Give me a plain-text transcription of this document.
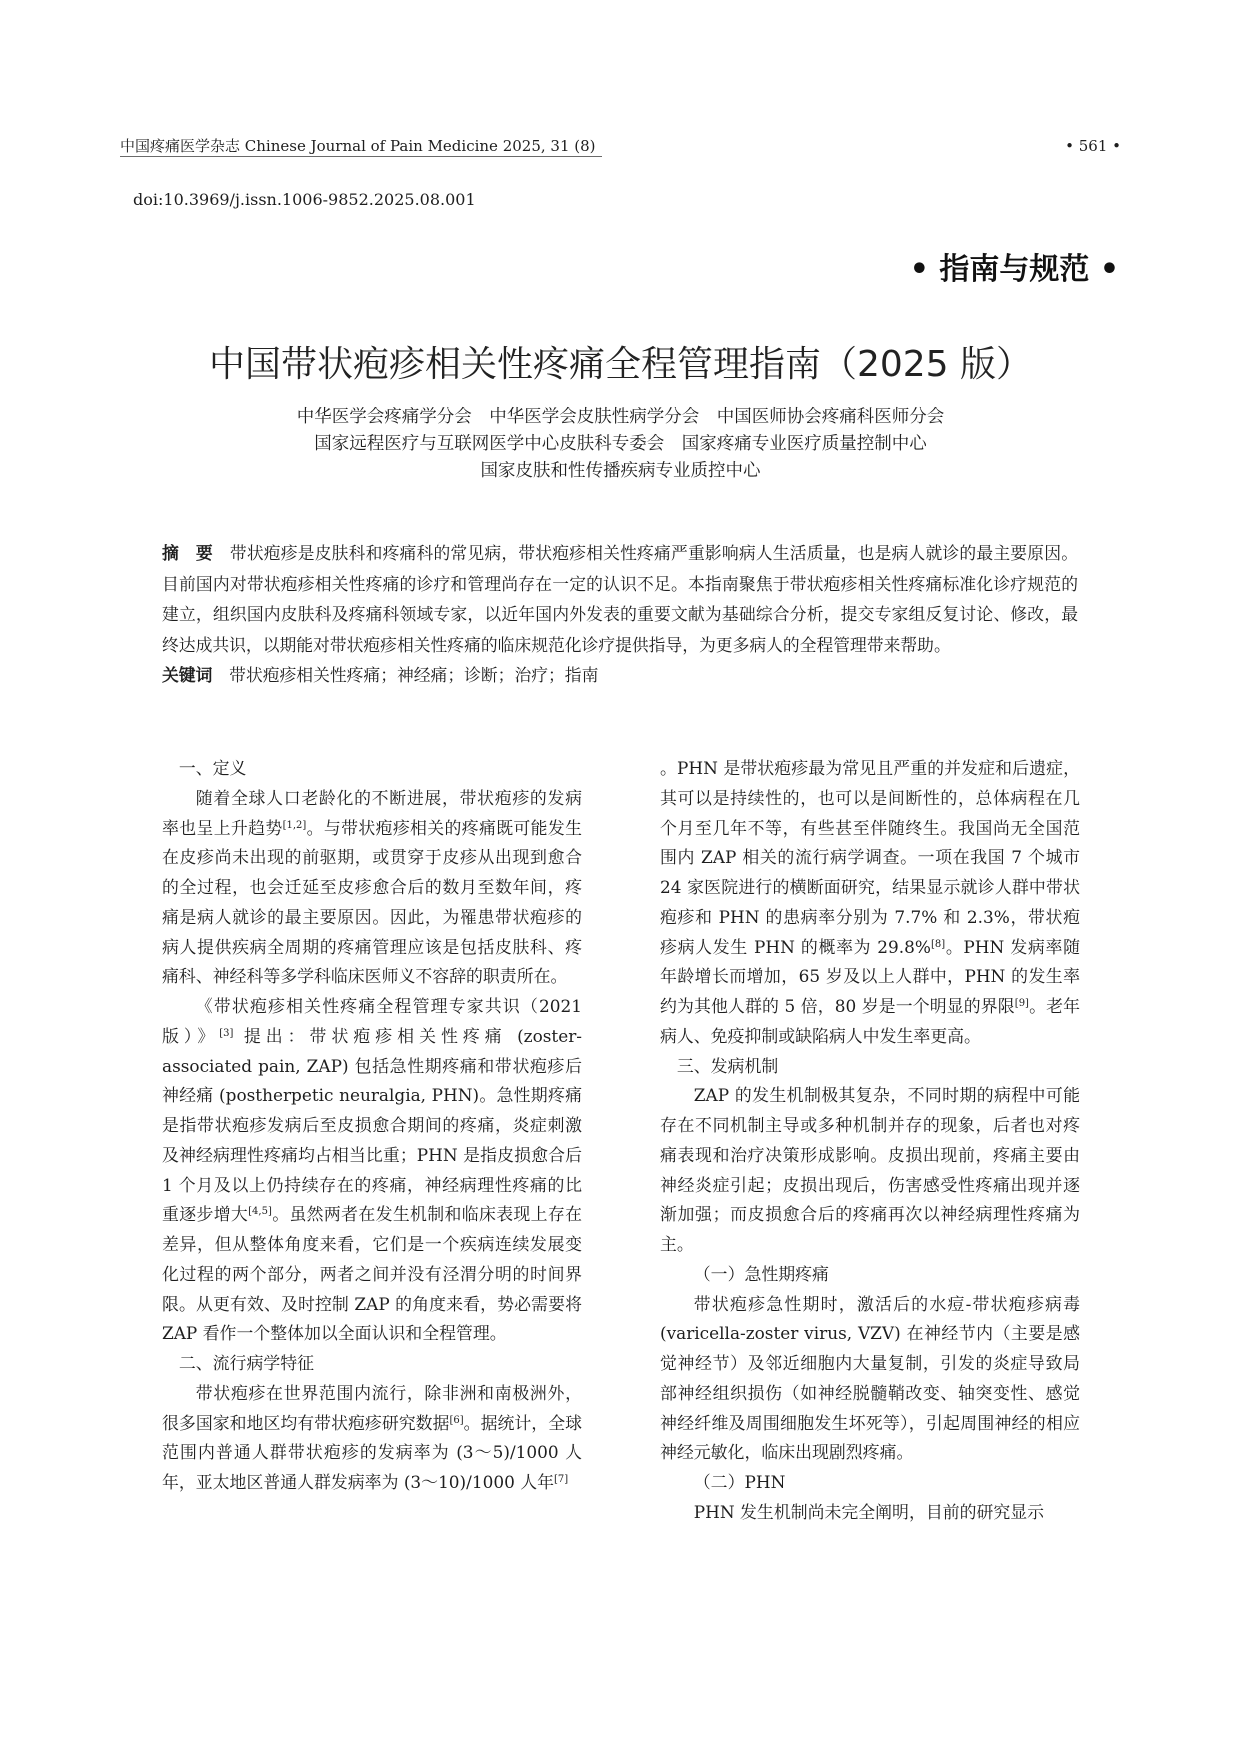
中国疼痛医学杂志 Chinese Journal of Pain Medicine 2025, 31 (8)	• 561 •
doi:10.3969/j.issn.1006-9852.2025.08.001
• 指南与规范 •
中国带状疱疹相关性疼痛全程管理指南（2025 版）
中华医学会疼痛学分会　中华医学会皮肤性病学分会　中国医师协会疼痛科医师分会
国家远程医疗与互联网医学中心皮肤科专委会　国家疼痛专业医疗质量控制中心
国家皮肤和性传播疾病专业质控中心

摘　要　 带状疱疹是皮肤科和疼痛科的常见病，带状疱疹相关性疼痛严重影响病人生活质量，也是病人就诊的最主要原因。目前国内对带状疱疹相关性疼痛的诊疗和管理尚存在一定的认识不足。本指南聚焦于带状疱疹相关性疼痛标准化诊疗规范的建立，组织国内皮肤科及疼痛科领域专家，以近年国内外发表的重要文献为基础综合分析，提交专家组反复讨论、修改，最终达成共识，以期能对带状疱疹相关性疼痛的临床规范化诊疗提供指导，为更多病人的全程管理带来帮助。

关键词　 带状疱疹相关性疼痛；神经痛；诊断；治疗；指南

一、定义

随着全球人口老龄化的不断进展，带状疱疹的发病率也呈上升趋势[1,2]。与带状疱疹相关的疼痛既可能发生在皮疹尚未出现的前驱期，或贯穿于皮疹从出现到愈合的全过程，也会迁延至皮疹愈合后的数月至数年间，疼痛是病人就诊的最主要原因。因此，为罹患带状疱疹的病人提供疾病全周期的疼痛管理应该是包括皮肤科、疼痛科、神经科等多学科临床医师义不容辞的职责所在。

《带状疱疹相关性疼痛全程管理专家共识（2021 版）》[3] 提出：带状疱疹相关性疼痛 (zoster-associated pain, ZAP) 包括急性期疼痛和带状疱疹后神经痛 (postherpetic neuralgia, PHN)。急性期疼痛是指带状疱疹发病后至皮损愈合期间的疼痛，炎症刺激及神经病理性疼痛均占相当比重；PHN 是指皮损愈合后 1 个月及以上仍持续存在的疼痛，神经病理性疼痛的比重逐步增大[4,5]。虽然两者在发生机制和临床表现上存在差异，但从整体角度来看，它们是一个疾病连续发展变化过程的两个部分，两者之间并没有泾渭分明的时间界限。从更有效、及时控制 ZAP 的角度来看，势必需要将 ZAP 看作一个整体加以全面认识和全程管理。

二、流行病学特征

带状疱疹在世界范围内流行，除非洲和南极洲外，很多国家和地区均有带状疱疹研究数据[6]。据统计，全球范围内普通人群带状疱疹的发病率为 (3～5)/1000 人年，亚太地区普通人群发病率为 (3～10)/1000 人年[7]

。PHN 是带状疱疹最为常见且严重的并发症和后遗症，其可以是持续性的，也可以是间断性的，总体病程在几个月至几年不等，有些甚至伴随终生。我国尚无全国范围内 ZAP 相关的流行病学调查。一项在我国 7 个城市 24 家医院进行的横断面研究，结果显示就诊人群中带状疱疹和 PHN 的患病率分别为 7.7% 和 2.3%，带状疱疹病人发生 PHN 的概率为 29.8%[8]。PHN 发病率随年龄增长而增加，65 岁及以上人群中，PHN 的发生率约为其他人群的 5 倍，80 岁是一个明显的界限[9]。老年病人、免疫抑制或缺陷病人中发生率更高。

三、发病机制

ZAP 的发生机制极其复杂，不同时期的病程中可能存在不同机制主导或多种机制并存的现象，后者也对疼痛表现和治疗决策形成影响。皮损出现前，疼痛主要由神经炎症引起；皮损出现后，伤害感受性疼痛出现并逐渐加强；而皮损愈合后的疼痛再次以神经病理性疼痛为主。

（一）急性期疼痛

带状疱疹急性期时，激活后的水痘-带状疱疹病毒 (varicella-zoster virus, VZV) 在神经节内（主要是感觉神经节）及邻近细胞内大量复制，引发的炎症导致局部神经组织损伤（如神经脱髓鞘改变、轴突变性、感觉神经纤维及周围细胞发生坏死等），引起周围神经的相应神经元敏化，临床出现剧烈疼痛。

（二）PHN

PHN 发生机制尚未完全阐明，目前的研究显示
